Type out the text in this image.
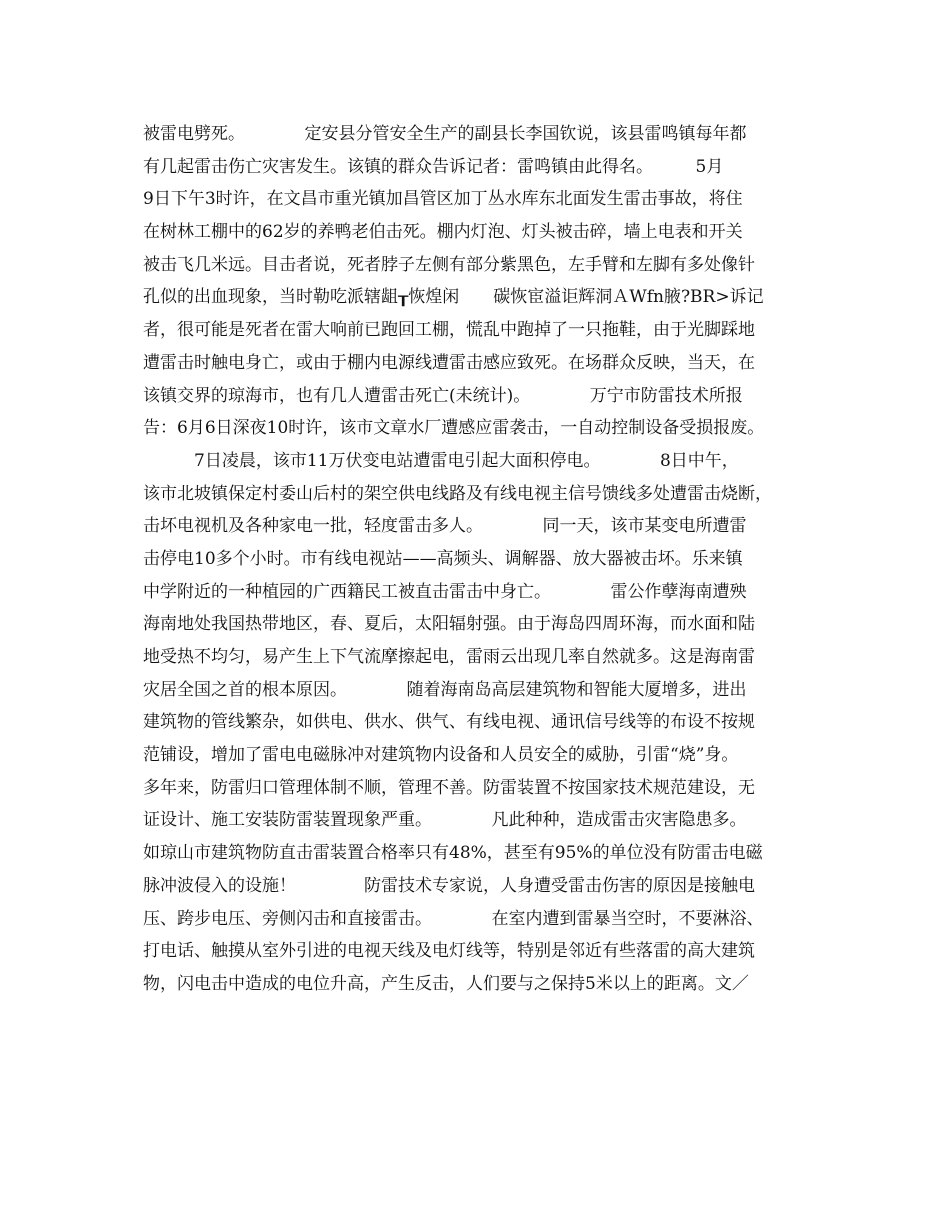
被雷电劈死。　　　　定安县分管安全生产的副县长李国钦说，该县雷鸣镇每年都
有几起雷击伤亡灾害发生。该镇的群众告诉记者：雷鸣镇由此得名。　　　5月
9日下午3时许，在文昌市重光镇加昌管区加丁丛水库东北面发生雷击事故，将住
在树林工棚中的62岁的养鸭老伯击死。棚内灯泡、灯头被击碎，墙上电表和开关
被击飞几米远。目击者说，死者脖子左侧有部分紫黑色，左手臂和左脚有多处像针
孔似的出血现象，当时勒吃派辖龃┰恢煌闲　　碳恢宦溢讵辉洞ＡWfn腋?BR>诉记
者，很可能是死者在雷大响前已跑回工棚，慌乱中跑掉了一只拖鞋，由于光脚踩地
遭雷击时触电身亡，或由于棚内电源线遭雷击感应致死。在场群众反映，当天，在
该镇交界的琼海市，也有几人遭雷击死亡(未统计)。　　　　万宁市防雷技术所报
告：6月6日深夜10时许，该市文章水厂遭感应雷袭击，一自动控制设备受损报废。
　　　7日凌晨，该市11万伏变电站遭雷电引起大面积停电。　　　　8日中午，
该市北坡镇保定村委山后村的架空供电线路及有线电视主信号馈线多处遭雷击烧断，
击坏电视机及各种家电一批，轻度雷击多人。　　　　同一天，该市某变电所遭雷
击停电10多个小时。市有线电视站——高频头、调解器、放大器被击坏。乐来镇
中学附近的一种植园的广西籍民工被直击雷击中身亡。　　　　雷公作孽海南遭殃
海南地处我国热带地区，春、夏后，太阳辐射强。由于海岛四周环海，而水面和陆
地受热不均匀，易产生上下气流摩擦起电，雷雨云出现几率自然就多。这是海南雷
灾居全国之首的根本原因。　　　　随着海南岛高层建筑物和智能大厦增多，进出
建筑物的管线繁杂，如供电、供水、供气、有线电视、通讯信号线等的布设不按规
范铺设，增加了雷电电磁脉冲对建筑物内设备和人员安全的威胁，引雷“烧”身。
多年来，防雷归口管理体制不顺，管理不善。防雷装置不按国家技术规范建设，无
证设计、施工安装防雷装置现象严重。　　　　凡此种种，造成雷击灾害隐患多。
如琼山市建筑物防直击雷装置合格率只有48%，甚至有95%的单位没有防雷击电磁
脉冲波侵入的设施！　　　　防雷技术专家说，人身遭受雷击伤害的原因是接触电
压、跨步电压、旁侧闪击和直接雷击。　　　　在室内遭到雷暴当空时，不要淋浴、
打电话、触摸从室外引进的电视天线及电灯线等，特别是邻近有些落雷的高大建筑
物，闪电击中造成的电位升高，产生反击，人们要与之保持5米以上的距离。文／
